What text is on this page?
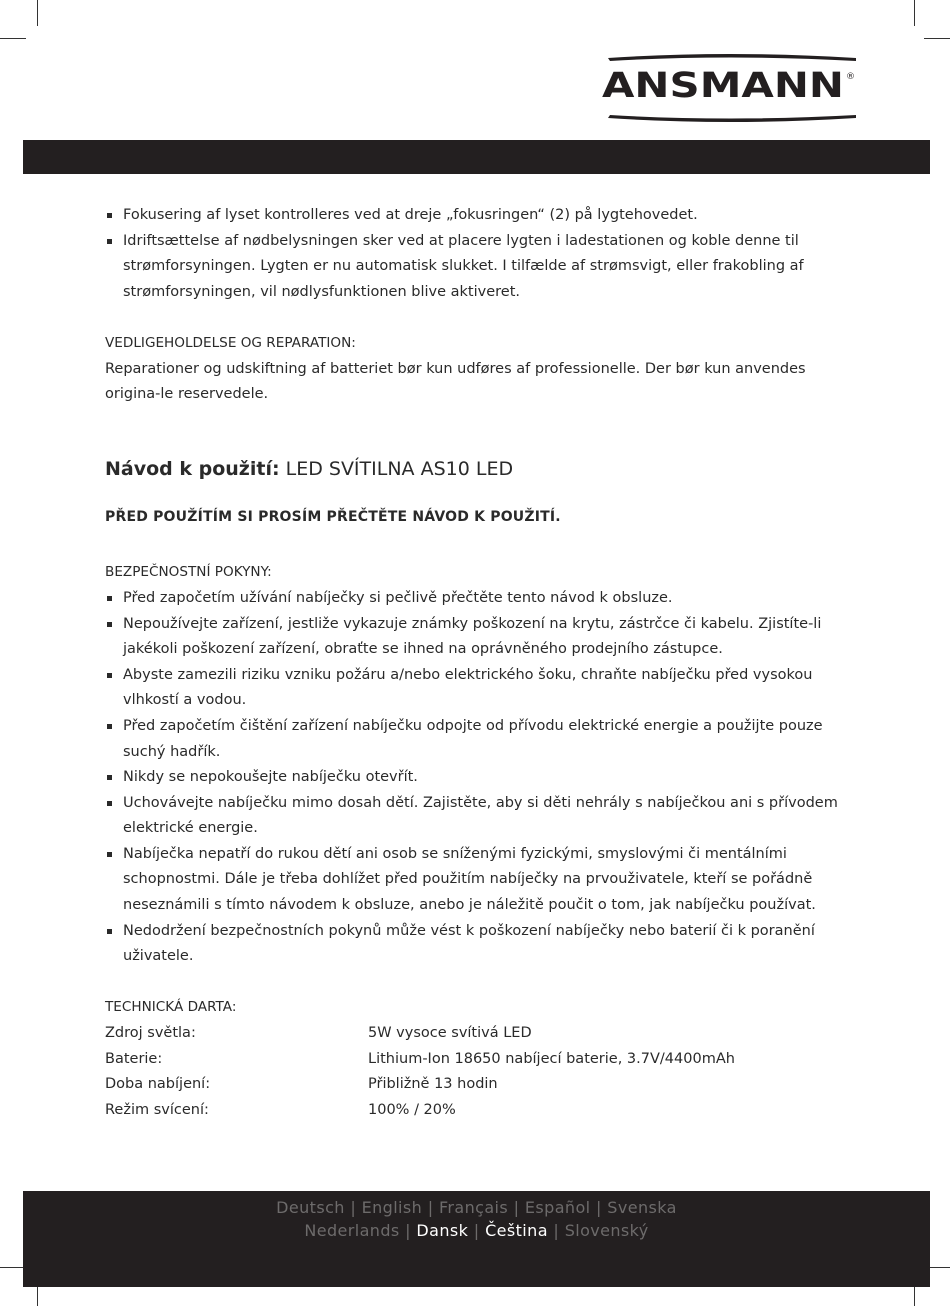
ANSMANN ®
Fokusering af lyset kontrolleres ved at dreje „fokusringen“ (2) på lygtehovedet.
Idriftsættelse af nødbelysningen sker ved at placere lygten i ladestationen og koble denne til strømforsyningen. Lygten er nu automatisk slukket. I tilfælde af strømsvigt, eller frakobling af strømforsyningen, vil nødlysfunktionen blive aktiveret.
VEDLIGEHOLDELSE OG REPARATION:
Reparationer og udskiftning af batteriet bør kun udføres af professionelle. Der bør kun anvendes origina-le reservedele.
Návod k použití: LED SVÍTILNA AS10 LED
PŘED POUŽÍTÍM SI PROSÍM PŘEČTĚTE NÁVOD K POUŽITÍ.
BEZPEČNOSTNÍ POKYNY:
Před započetím užívání nabíječky si pečlivě přečtěte tento návod k obsluze.
Nepoužívejte zařízení, jestliže vykazuje známky poškození na krytu, zástrčce či kabelu. Zjistíte-li jakékoli poškození zařízení, obraťte se ihned na oprávněného prodejního zástupce.
Abyste zamezili riziku vzniku požáru a/nebo elektrického šoku, chraňte nabíječku před vysokou vlhkostí a vodou.
Před započetím čištění zařízení nabíječku odpojte od přívodu elektrické energie a použijte pouze suchý hadřík.
Nikdy se nepokoušejte nabíječku otevřít.
Uchovávejte nabíječku mimo dosah dětí. Zajistěte, aby si děti nehrály s nabíječkou ani s přívodem elektrické energie.
Nabíječka nepatří do rukou dětí ani osob se sníženými fyzickými, smyslovými či mentálními schopnostmi. Dále je třeba dohlížet před použitím nabíječky na prvouživatele, kteří se pořádně neseznámili s tímto návodem k obsluze, anebo je náležitě poučit o tom, jak nabíječku používat.
Nedodržení bezpečnostních pokynů může vést k poškození nabíječky nebo baterií či k poranění uživatele.
TECHNICKÁ DARTA:
Zdroj světla:	5W vysoce svítivá LED
Baterie:	Lithium-Ion 18650 nabíjecí baterie, 3.7V/4400mAh
Doba nabíjení:	Přibližně 13 hodin
Režim svícení:	100% / 20%
Deutsch | English | Français | Español | Svenska
Nederlands | Dansk | Čeština | Slovenský
